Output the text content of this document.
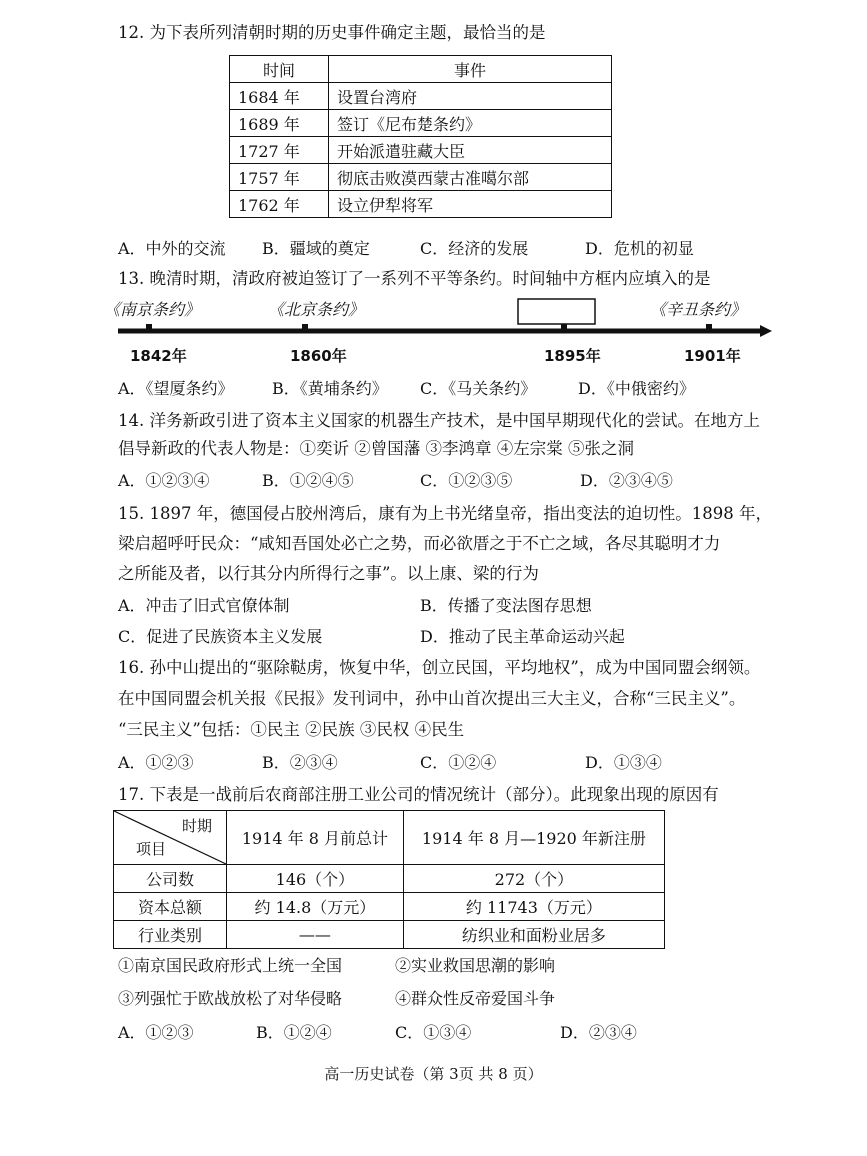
12. 为下表所列清朝时期的历史事件确定主题，最恰当的是
时间	事件
1684 年	设置台湾府
1689 年	签订《尼布楚条约》
1727 年	开始派遣驻藏大臣
1757 年	彻底击败漠西蒙古准噶尔部
1762 年	设立伊犁将军
A．中外的交流 B．疆域的奠定	C．经济的发展	D．危机的初显
13. 晚清时期，清政府被迫签订了一系列不平等条约。时间轴中方框内应填入的是
《南京条约》	《北京条约》	《辛丑条约》
1842年	1860年	1895年	1901年
A．《望厦条约》 B．《黄埔条约》 C．《马关条约》	D．《中俄密约》
14. 洋务新政引进了资本主义国家的机器生产技术，是中国早期现代化的尝试。在地方上
倡导新政的代表人物是：①奕䜣 ②曾国藩 ③李鸿章 ④左宗棠 ⑤张之洞
A．①②③④	B．①②④⑤	C．①②③⑤	D．②③④⑤
15. 1897 年，德国侵占胶州湾后，康有为上书光绪皇帝，指出变法的迫切性。1898 年，
梁启超呼吁民众：“咸知吾国处必亡之势，而必欲厝之于不亡之域，各尽其聪明才力
之所能及者，以行其分内所得行之事”。以上康、梁的行为
A．冲击了旧式官僚体制	B．传播了变法图存思想
C．促进了民族资本主义发展	D．推动了民主革命运动兴起
16. 孙中山提出的“驱除鞑虏，恢复中华，创立民国，平均地权”，成为中国同盟会纲领。
在中国同盟会机关报《民报》发刊词中，孙中山首次提出三大主义，合称“三民主义”。
“三民主义”包括：①民主 ②民族 ③民权 ④民生
A．①②③	B．②③④	C．①②④	D．①③④
17. 下表是一战前后农商部注册工业公司的情况统计（部分）。此现象出现的原因有
时期
项目	1914 年 8 月前总计	1914 年 8 月—1920 年新注册
公司数	146（个）	272（个）
资本总额	约 14.8（万元）	约 11743（万元）
行业类别	——	纺织业和面粉业居多
①南京国民政府形式上统一全国	②实业救国思潮的影响
③列强忙于欧战放松了对华侵略	④群众性反帝爱国斗争
A．①②③	B．①②④	C．①③④	D．②③④
高一历史试卷（第 3页 共 8 页）
